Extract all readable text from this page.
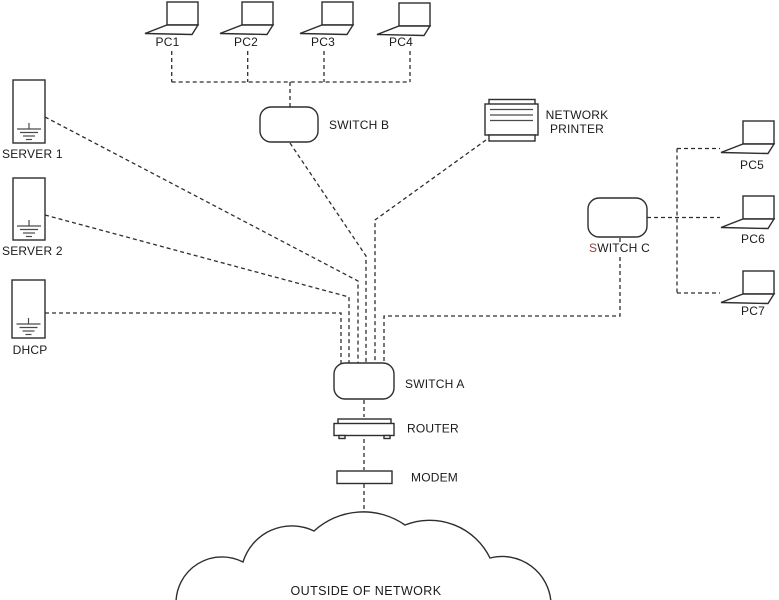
PC1	PC2	PC3	PC4
PC5
PC6
PC7
SWITCH B
SWITCH A
SWITCH C
SERVER 1
SERVER 2
DHCP
NETWORK
PRINTER
ROUTER
MODEM
OUTSIDE OF NETWORK
